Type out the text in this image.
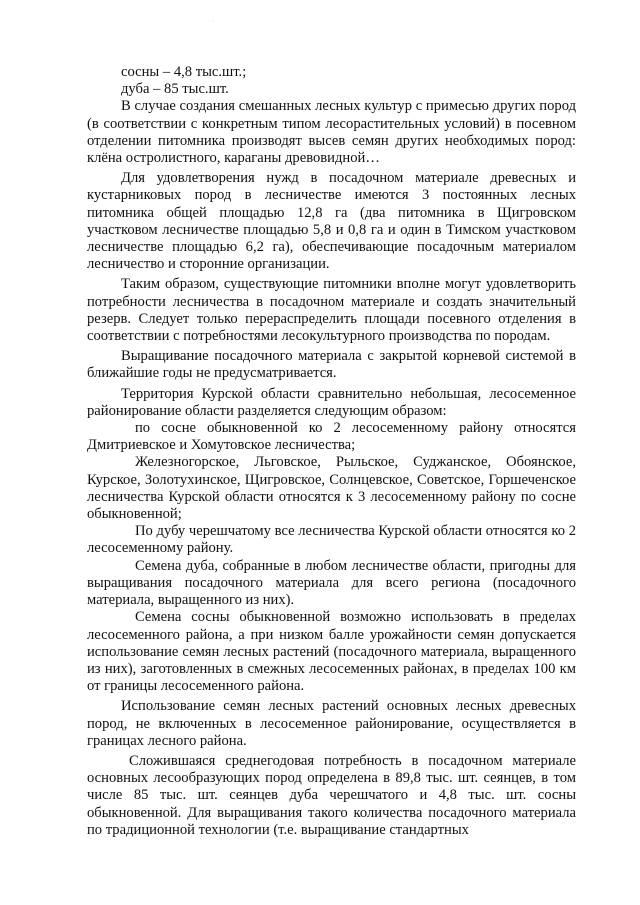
ˑ

сосны – 4,8 тыс.шт.;

дуба – 85 тыс.шт.

В случае создания смешанных лесных культур с примесью других пород (в соответствии с конкретным типом лесорастительных условий) в посевном отделении питомника производят высев семян других необходимых пород: клёна остролистного, караганы древовидной…

Для удовлетворения нужд в посадочном материале древесных и кустарниковых пород в лесничестве имеются 3 постоянных лесных питомника общей площадью 12,8 га (два питомника в Щигровском участковом лесничестве площадью 5,8 и 0,8 га и один в Тимском участковом лесничестве площадью 6,2 га), обеспечивающие посадочным материалом лесничество и сторонние организации.

Таким образом, существующие питомники вполне могут удовлетворить потребности лесничества в посадочном материале и создать значительный резерв. Следует только перераспределить площади посевного отделения в соответствии с потребностями лесокультурного производства по породам.

Выращивание посадочного материала с закрытой корневой системой в ближайшие годы не предусматривается.

Территория Курской области сравнительно небольшая, лесосеменное районирование области разделяется следующим образом:

по сосне обыкновенной ко 2 лесосеменному району относятся Дмитриевское и Хомутовское лесничества;

Железногорское, Льговское, Рыльское, Суджанское, Обоянское, Курское, Золотухинское, Щигровское, Солнцевское, Советское, Горшеченское лесничества Курской области относятся к 3 лесосеменному району по сосне обыкновенной;

По дубу черешчатому все лесничества Курской области относятся ко 2 лесосеменному району.

Семена дуба, собранные в любом лесничестве области, пригодны для выращивания посадочного материала для всего региона (посадочного материала, выращенного из них).

Семена сосны обыкновенной возможно использовать в пределах лесосеменного района, а при низком балле урожайности семян допускается использование семян лесных растений (посадочного материала, выращенного из них), заготовленных в смежных лесосеменных районах, в пределах 100 км от границы лесосеменного района.

Использование семян лесных растений основных лесных древесных пород, не включенных в лесосеменное районирование, осуществляется в границах лесного района.

Сложившаяся среднегодовая потребность в посадочном материале основных лесообразующих пород определена в 89,8 тыс. шт. сеянцев, в том числе 85 тыс. шт. сеянцев дуба черешчатого и 4,8 тыс. шт. сосны обыкновенной. Для выращивания такого количества посадочного материала по традиционной технологии (т.е. выращивание стандартных
